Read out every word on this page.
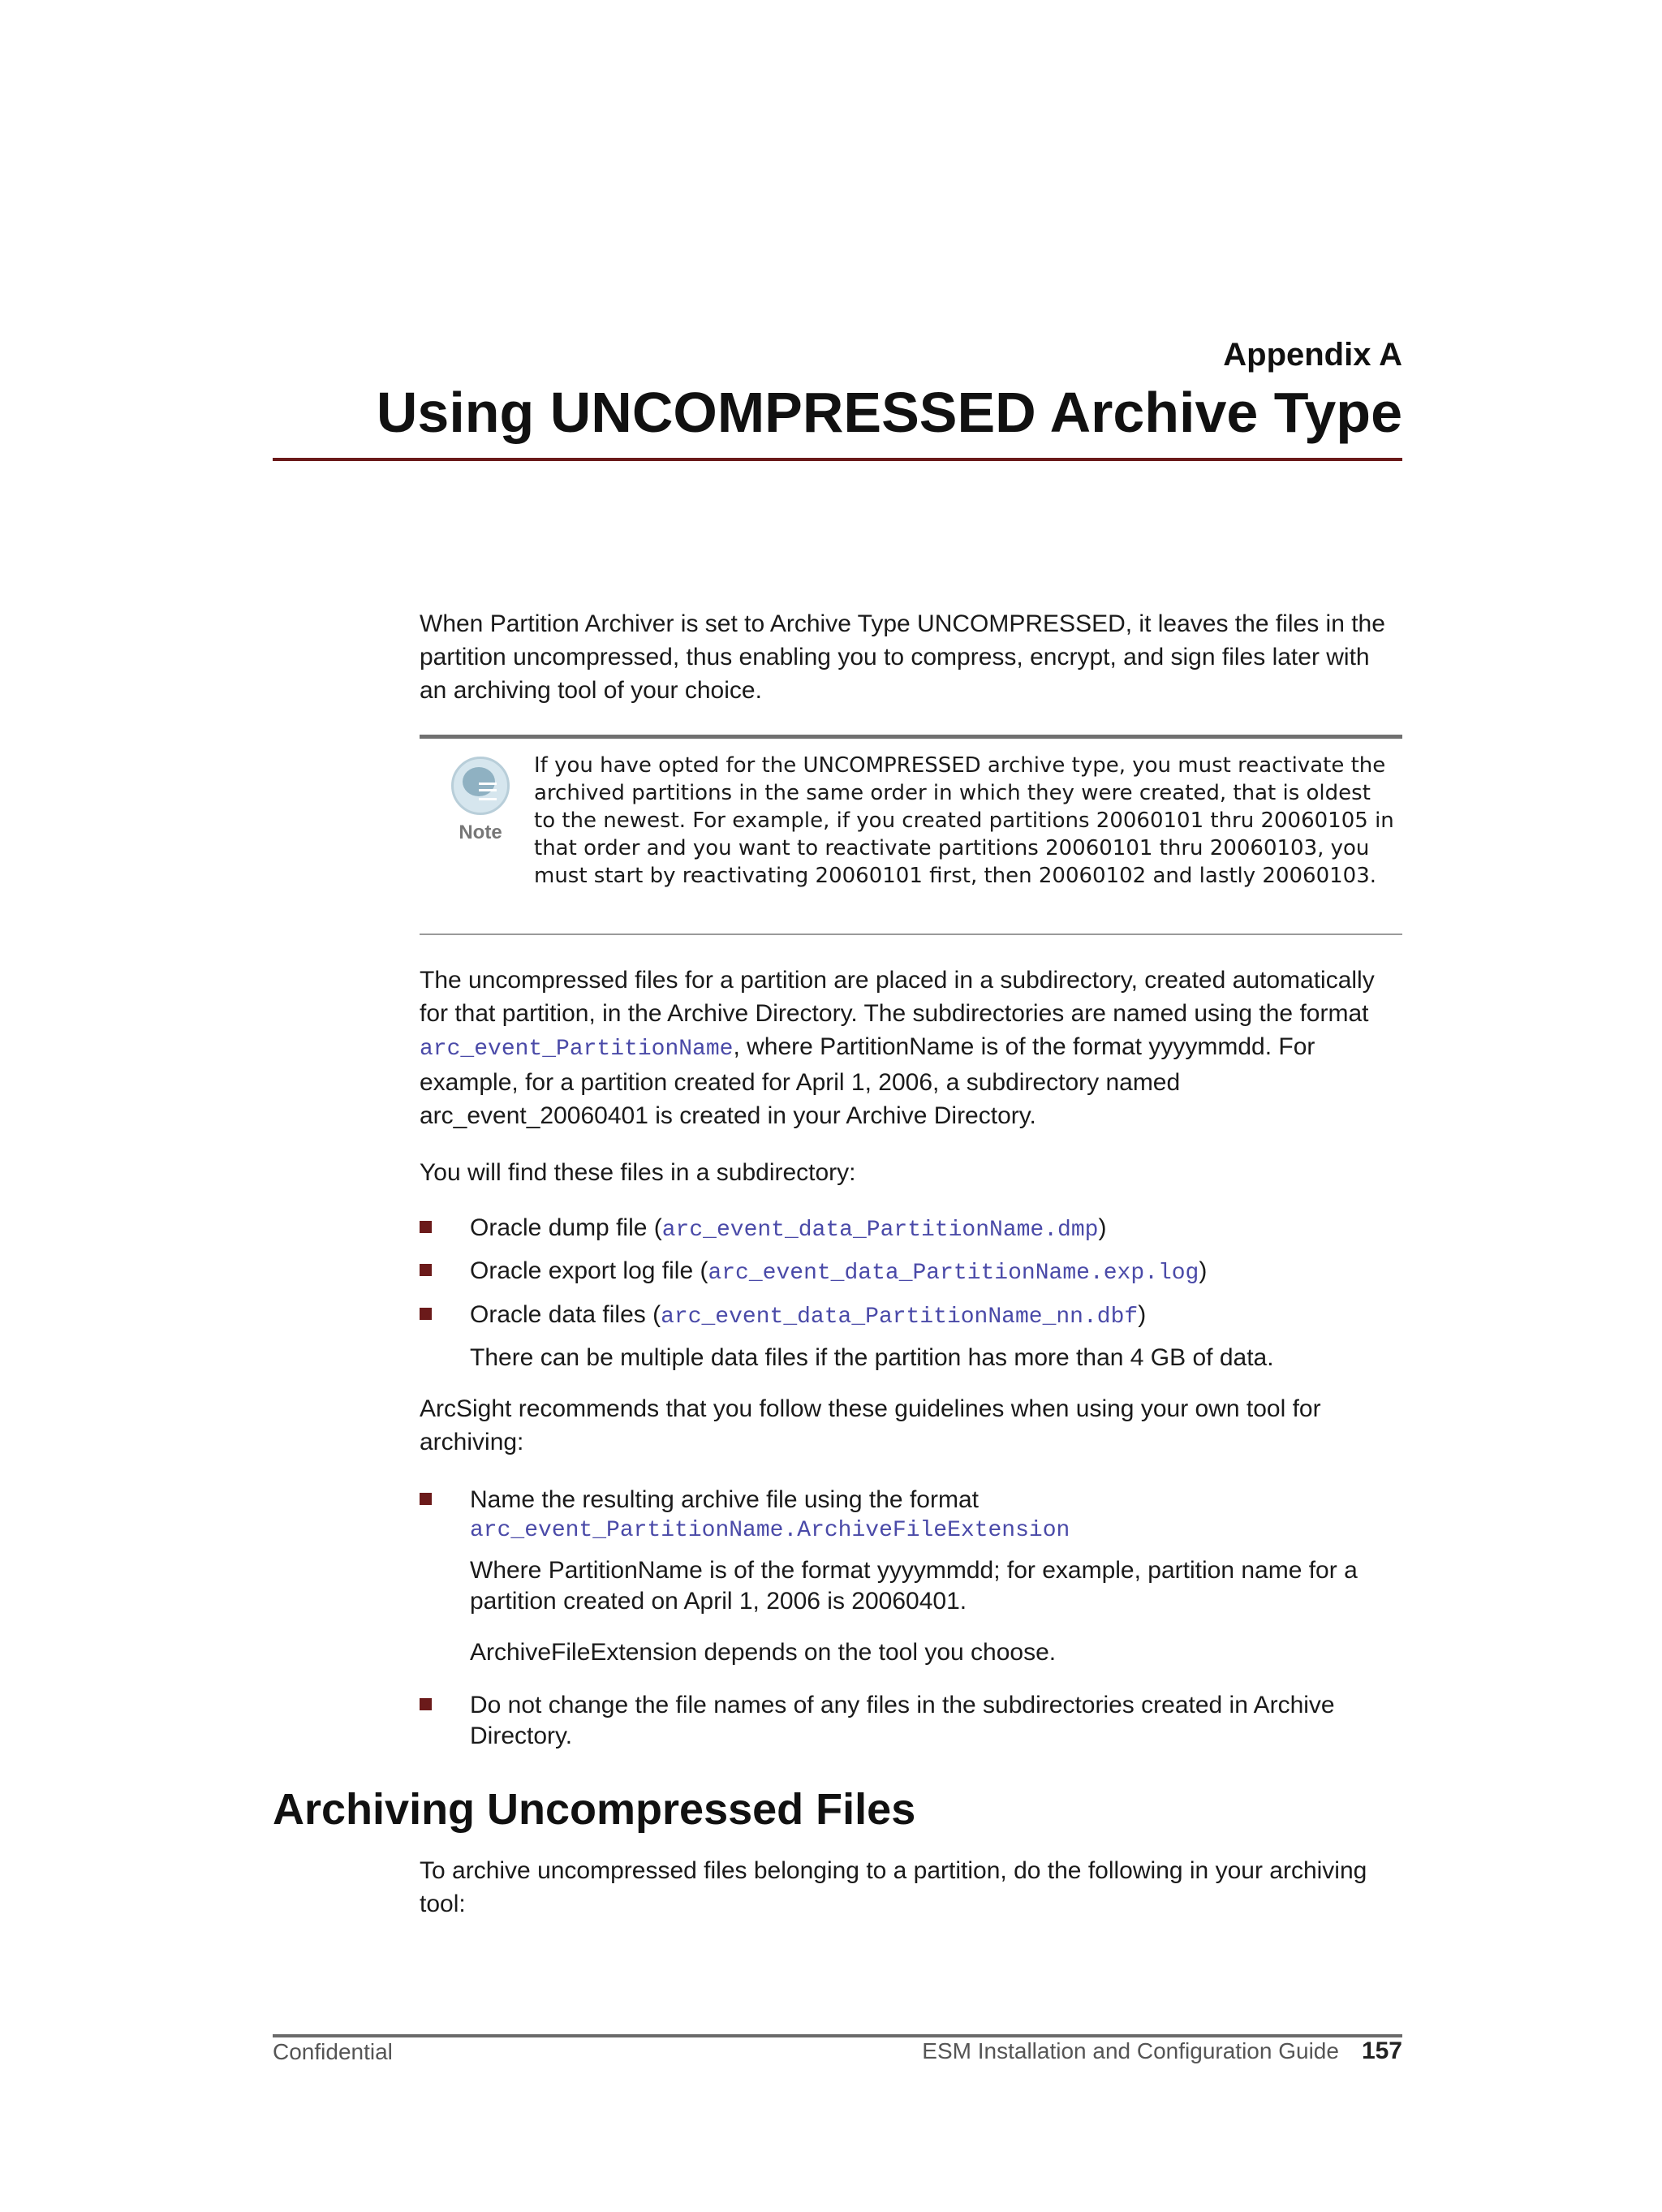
Appendix A
Using UNCOMPRESSED Archive Type

When Partition Archiver is set to Archive Type UNCOMPRESSED, it leaves the files in the partition uncompressed, thus enabling you to compress, encrypt, and sign files later with an archiving tool of your choice.

Note
If you have opted for the UNCOMPRESSED archive type, you must reactivate the archived partitions in the same order in which they were created, that is oldest to the newest. For example, if you created partitions 20060101 thru 20060105 in that order and you want to reactivate partitions 20060101 thru 20060103, you must start by reactivating 20060101 first, then 20060102 and lastly 20060103.

The uncompressed files for a partition are placed in a subdirectory, created automatically for that partition, in the Archive Directory. The subdirectories are named using the format arc_event_PartitionName, where PartitionName is of the format yyyymmdd. For example, for a partition created for April 1, 2006, a subdirectory named arc_event_20060401 is created in your Archive Directory.

You will find these files in a subdirectory:

Oracle dump file (arc_event_data_PartitionName.dmp)
Oracle export log file (arc_event_data_PartitionName.exp.log)
Oracle data files (arc_event_data_PartitionName_nn.dbf)
There can be multiple data files if the partition has more than 4 GB of data.

ArcSight recommends that you follow these guidelines when using your own tool for archiving:

Name the resulting archive file using the format
arc_event_PartitionName.ArchiveFileExtension
Where PartitionName is of the format yyyymmdd; for example, partition name for a partition created on April 1, 2006 is 20060401.
ArchiveFileExtension depends on the tool you choose.
Do not change the file names of any files in the subdirectories created in Archive Directory.
Archiving Uncompressed Files

To archive uncompressed files belonging to a partition, do the following in your archiving tool:

Confidential	ESM Installation and Configuration Guide 157
